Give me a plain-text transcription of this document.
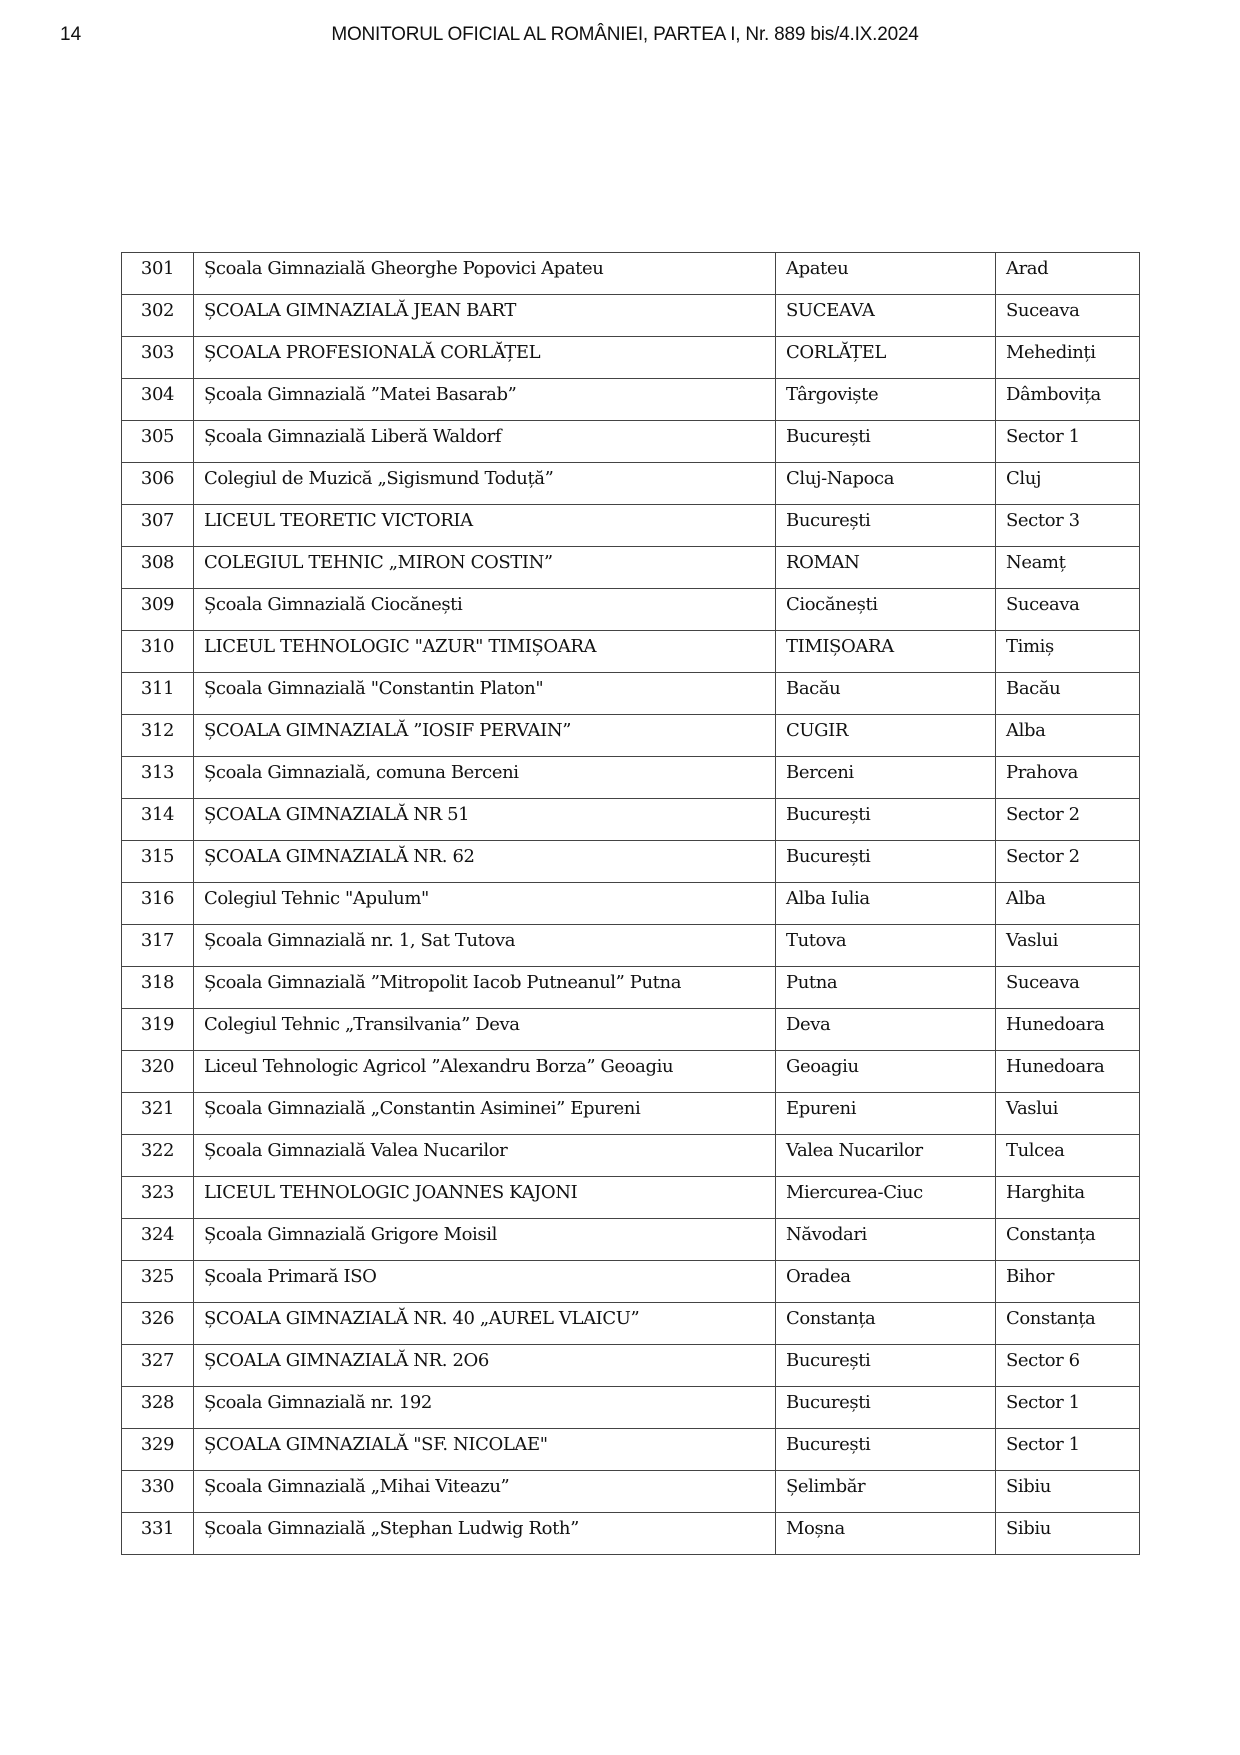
14	MONITORUL OFICIAL AL ROMÂNIEI, PARTEA I, Nr. 889 bis/4.IX.2024
301	Școala Gimnazială Gheorghe Popovici Apateu	Apateu	Arad
302	ȘCOALA GIMNAZIALĂ JEAN BART	SUCEAVA	Suceava
303	ȘCOALA PROFESIONALĂ CORLĂȚEL	CORLĂȚEL	Mehedinți
304	Școala Gimnazială ”Matei Basarab”	Târgoviște	Dâmbovița
305	Școala Gimnazială Liberă Waldorf	București	Sector 1
306	Colegiul de Muzică „Sigismund Toduță”	Cluj-Napoca	Cluj
307	LICEUL TEORETIC VICTORIA	București	Sector 3
308	COLEGIUL TEHNIC „MIRON COSTIN”	ROMAN	Neamț
309	Școala Gimnazială Ciocănești	Ciocănești	Suceava
310	LICEUL TEHNOLOGIC "AZUR" TIMIȘOARA	TIMIȘOARA	Timiș
311	Școala Gimnazială "Constantin Platon"	Bacău	Bacău
312	ȘCOALA GIMNAZIALĂ ”IOSIF PERVAIN”	CUGIR	Alba
313	Școala Gimnazială, comuna Berceni	Berceni	Prahova
314	ȘCOALA GIMNAZIALĂ NR 51	București	Sector 2
315	ȘCOALA GIMNAZIALĂ NR. 62	București	Sector 2
316	Colegiul Tehnic "Apulum"	Alba Iulia	Alba
317	Școala Gimnazială nr. 1, Sat Tutova	Tutova	Vaslui
318	Școala Gimnazială ”Mitropolit Iacob Putneanul” Putna	Putna	Suceava
319	Colegiul Tehnic „Transilvania” Deva	Deva	Hunedoara
320	Liceul Tehnologic Agricol ”Alexandru Borza” Geoagiu	Geoagiu	Hunedoara
321	Școala Gimnazială „Constantin Asiminei” Epureni	Epureni	Vaslui
322	Școala Gimnazială Valea Nucarilor	Valea Nucarilor	Tulcea
323	LICEUL TEHNOLOGIC JOANNES KAJONI	Miercurea-Ciuc	Harghita
324	Școala Gimnazială Grigore Moisil	Năvodari	Constanța
325	Școala Primară ISO	Oradea	Bihor
326	ȘCOALA GIMNAZIALĂ NR. 40 „AUREL VLAICU”	Constanța	Constanța
327	ȘCOALA GIMNAZIALĂ NR. 2O6	București	Sector 6
328	Școala Gimnazială nr. 192	București	Sector 1
329	ȘCOALA GIMNAZIALĂ "SF. NICOLAE"	București	Sector 1
330	Școala Gimnazială „Mihai Viteazu”	Șelimbăr	Sibiu
331	Școala Gimnazială „Stephan Ludwig Roth”	Moșna	Sibiu
